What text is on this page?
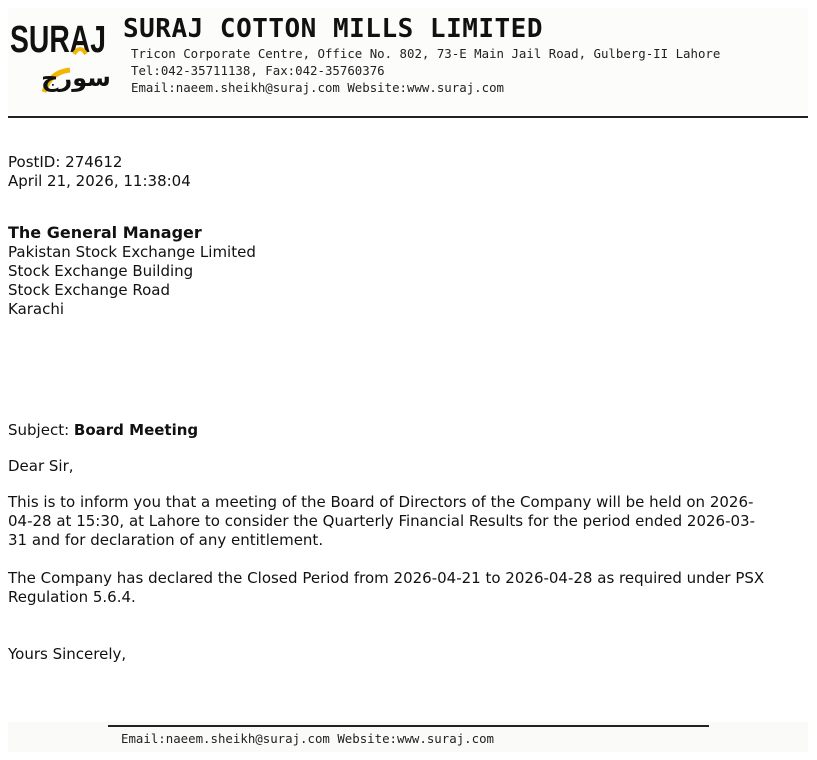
SURAJ
سورج
SURAJ COTTON MILLS LIMITED
Tricon Corporate Centre, Office No. 802, 73-E Main Jail Road, Gulberg-II Lahore
Tel:042-35711138, Fax:042-35760376
Email:naeem.sheikh@suraj.com Website:www.suraj.com
PostID: 274612
April 21, 2026, 11:38:04
The General Manager
Pakistan Stock Exchange Limited
Stock Exchange Building
Stock Exchange Road
Karachi
Subject: Board Meeting
Dear Sir,
This is to inform you that a meeting of the Board of Directors of the Company will be held on 2026-04-28 at 15:30, at Lahore to consider the Quarterly Financial Results for the period ended 2026-03-31 and for declaration of any entitlement.
The Company has declared the Closed Period from 2026-04-21 to 2026-04-28 as required under PSX Regulation 5.6.4.
Yours Sincerely,
Email:naeem.sheikh@suraj.com Website:www.suraj.com
